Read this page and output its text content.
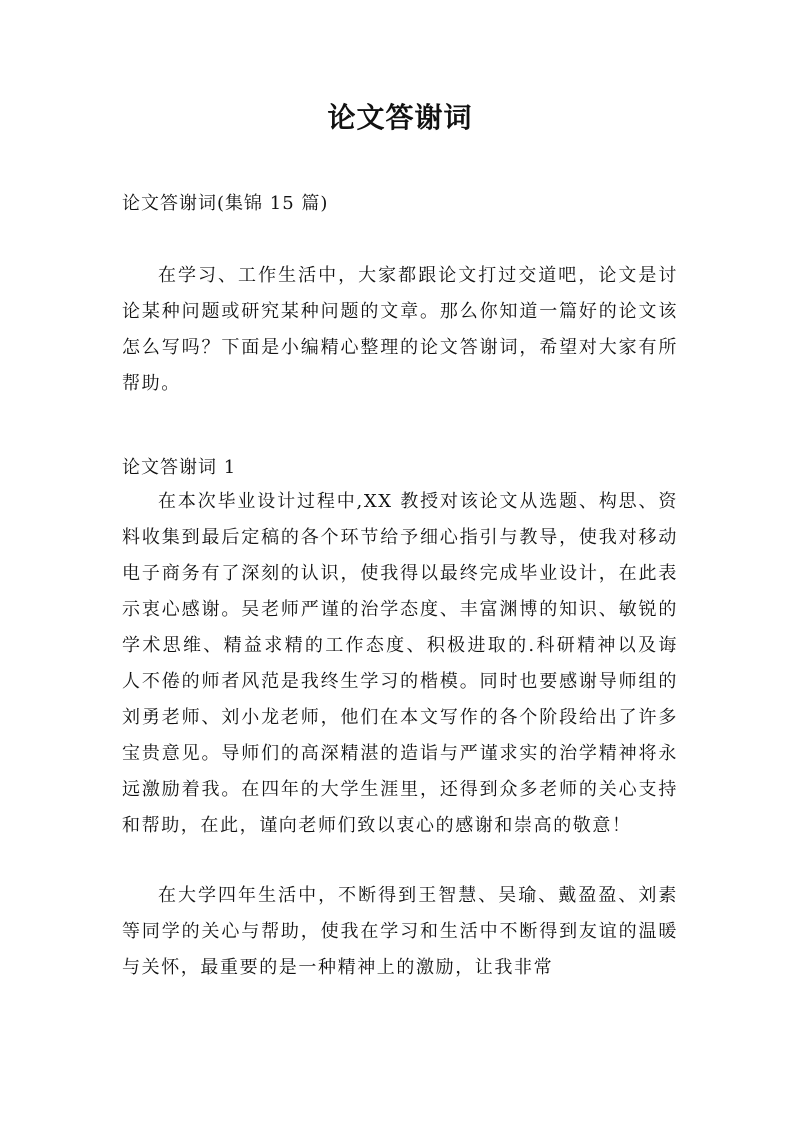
论文答谢词
论文答谢词(集锦 15 篇)

在学习、工作生活中，大家都跟论文打过交道吧，论文是讨论某种问题或研究某种问题的文章。那么你知道一篇好的论文该怎么写吗？下面是小编精心整理的论文答谢词，希望对大家有所帮助。

论文答谢词 1

在本次毕业设计过程中,XX 教授对该论文从选题、构思、资料收集到最后定稿的各个环节给予细心指引与教导，使我对移动电子商务有了深刻的认识，使我得以最终完成毕业设计，在此表示衷心感谢。吴老师严谨的治学态度、丰富渊博的知识、敏锐的学术思维、精益求精的工作态度、积极进取的.科研精神以及诲人不倦的师者风范是我终生学习的楷模。同时也要感谢导师组的刘勇老师、刘小龙老师，他们在本文写作的各个阶段给出了许多宝贵意见。导师们的高深精湛的造诣与严谨求实的治学精神将永远激励着我。在四年的大学生涯里，还得到众多老师的关心支持和帮助，在此，谨向老师们致以衷心的感谢和崇高的敬意！

在大学四年生活中，不断得到王智慧、吴瑜、戴盈盈、刘素等同学的关心与帮助，使我在学习和生活中不断得到友谊的温暖与关怀，最重要的是一种精神上的激励，让我非常
